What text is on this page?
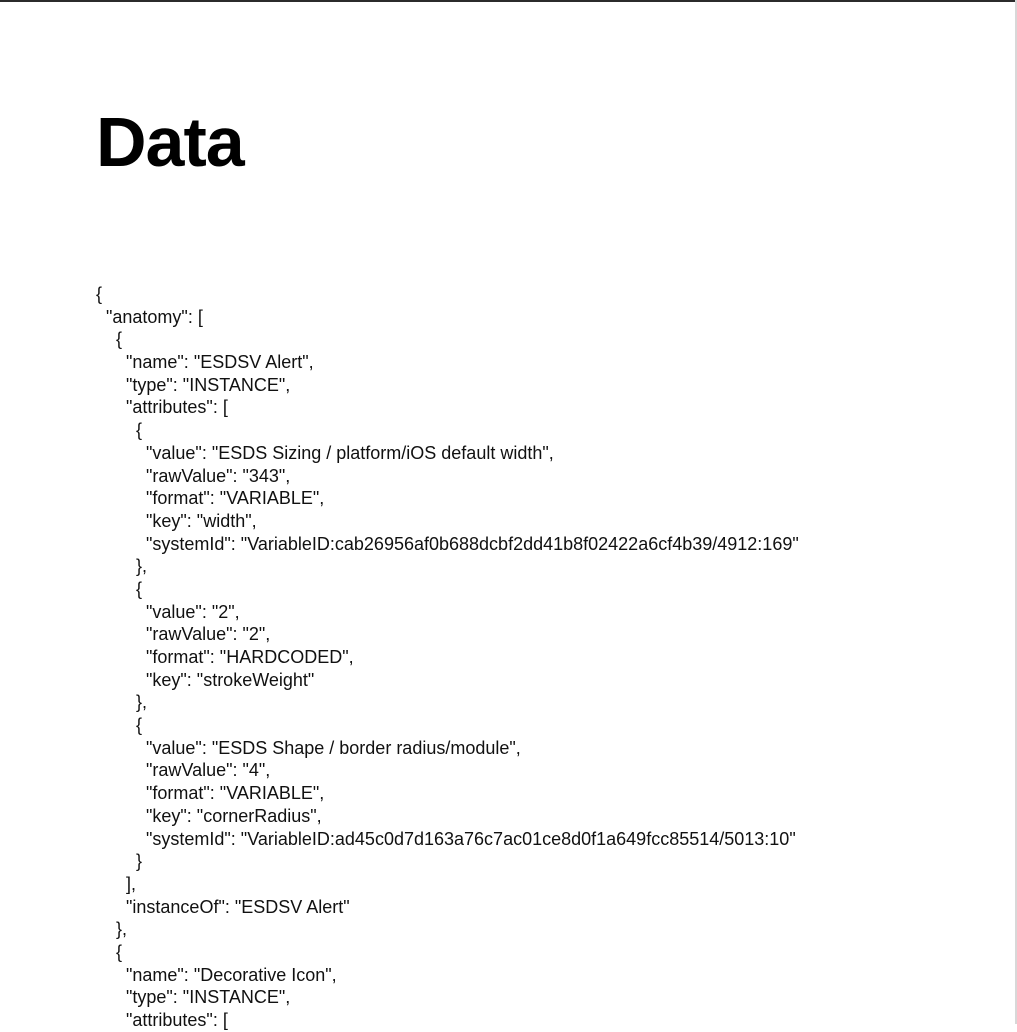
Data
{
"anatomy": [
{
"name": "ESDSV Alert",
"type": "INSTANCE",
"attributes": [
{
"value": "ESDS Sizing / platform/iOS default width",
"rawValue": "343",
"format": "VARIABLE",
"key": "width",
"systemId": "VariableID:cab26956af0b688dcbf2dd41b8f02422a6cf4b39/4912:169"
},
{
"value": "2",
"rawValue": "2",
"format": "HARDCODED",
"key": "strokeWeight"
},
{
"value": "ESDS Shape / border radius/module",
"rawValue": "4",
"format": "VARIABLE",
"key": "cornerRadius",
"systemId": "VariableID:ad45c0d7d163a76c7ac01ce8d0f1a649fcc85514/5013:10"
}
],
"instanceOf": "ESDSV Alert"
},
{
"name": "Decorative Icon",
"type": "INSTANCE",
"attributes": [
